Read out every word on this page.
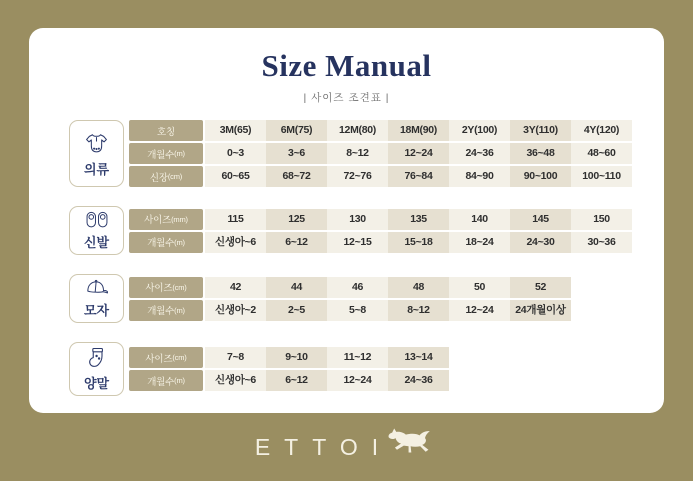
Size Manual
| 사이즈 조견표 |
의류
호칭	3M(65)	6M(75)	12M(80)	18M(90)	2Y(100)	3Y(110)	4Y(120)
개월수 (m)	0~3	3~6	8~12	12~24	24~36	36~48	48~60
신장 (cm)	60~65	68~72	72~76	76~84	84~90	90~100	100~110
신발
사이즈 (mm)	115	125	130	135	140	145	150
개월수 (m)	신생아~6	6~12	12~15	15~18	18~24	24~30	30~36
모자
사이즈 (cm)	42	44	46	48	50	52
개월수 (m)	신생아~2	2~5	5~8	8~12	12~24	24개월이상
양말
사이즈 (cm)	7~8	9~10	11~12	13~14
개월수 (m)	신생아~6	6~12	12~24	24~36
ETTOI
